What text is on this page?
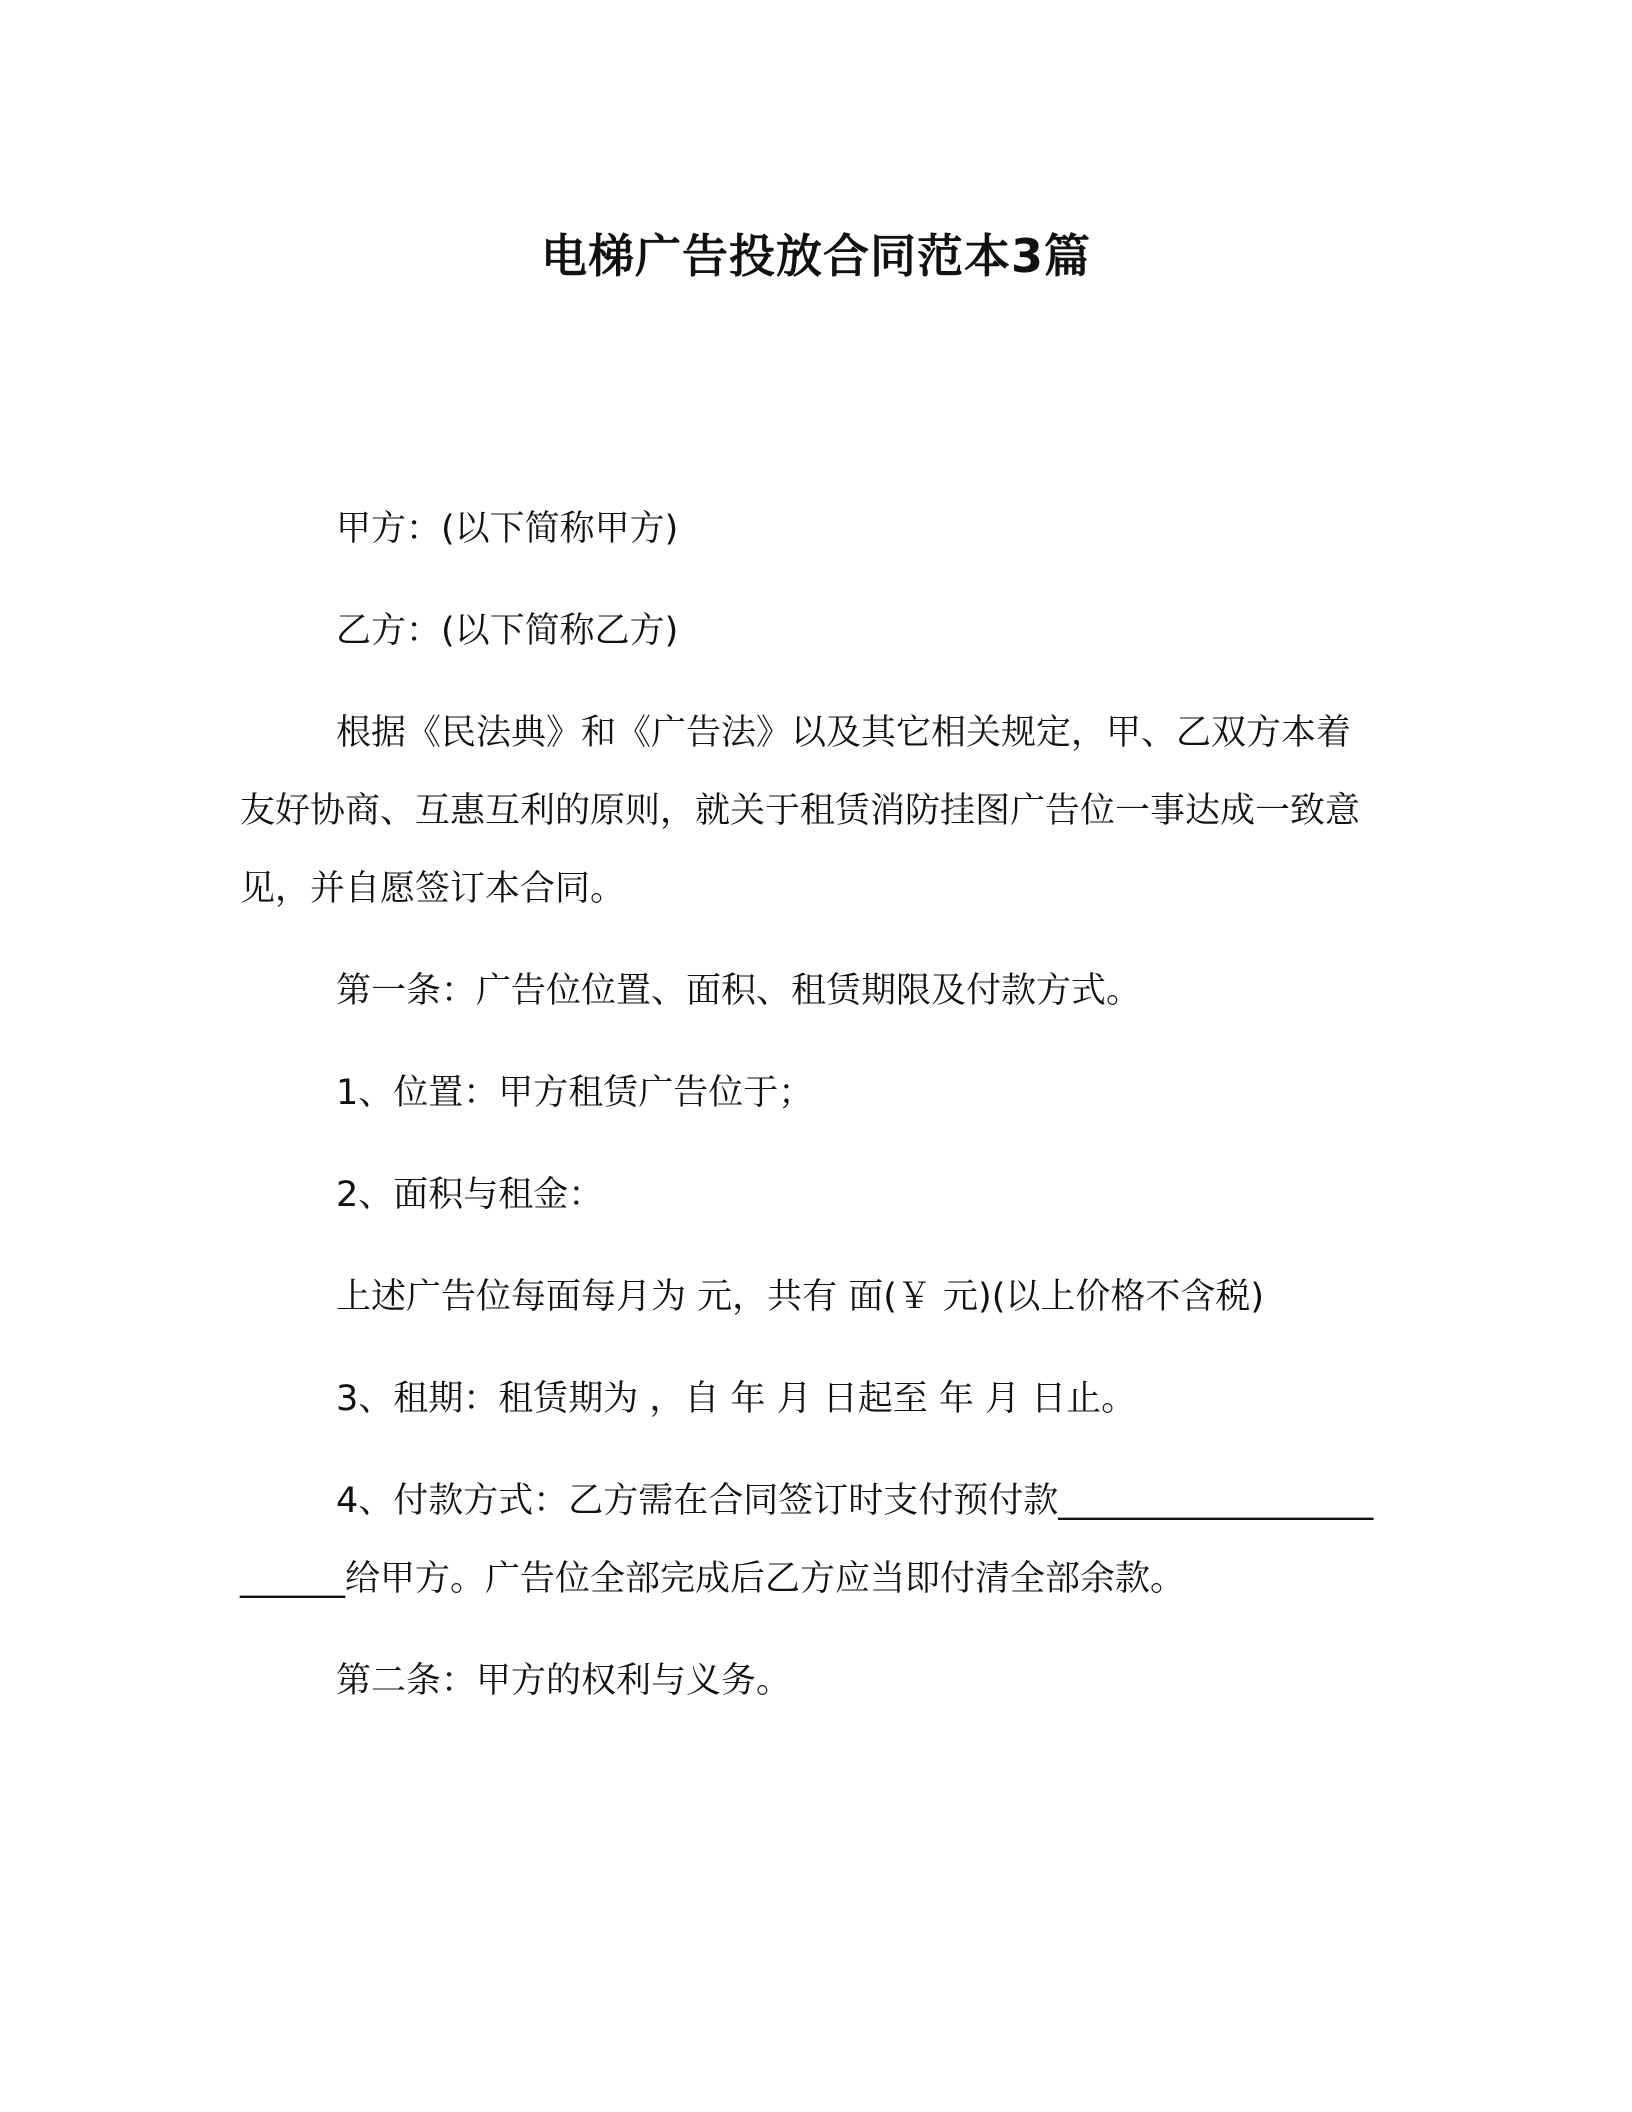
电梯广告投放合同范本3篇

甲方：(以下简称甲方)

乙方：(以下简称乙方)

根据《民法典》和《广告法》以及其它相关规定，甲、乙双方本着友好协商、互惠互利的原则，就关于租赁消防挂图广告位一事达成一致意见，并自愿签订本合同。

第一条：广告位位置、面积、租赁期限及付款方式。

1、位置：甲方租赁广告位于；

2、面积与租金：

上述广告位每面每月为 元，共有 面(￥ 元)(以上价格不含税)

3、租期：租赁期为 ，自 年 月 日起至 年 月 日止。

4、付款方式：乙方需在合同签订时支付预付款________________________给甲方。广告位全部完成后乙方应当即付清全部余款。

第二条：甲方的权利与义务。
